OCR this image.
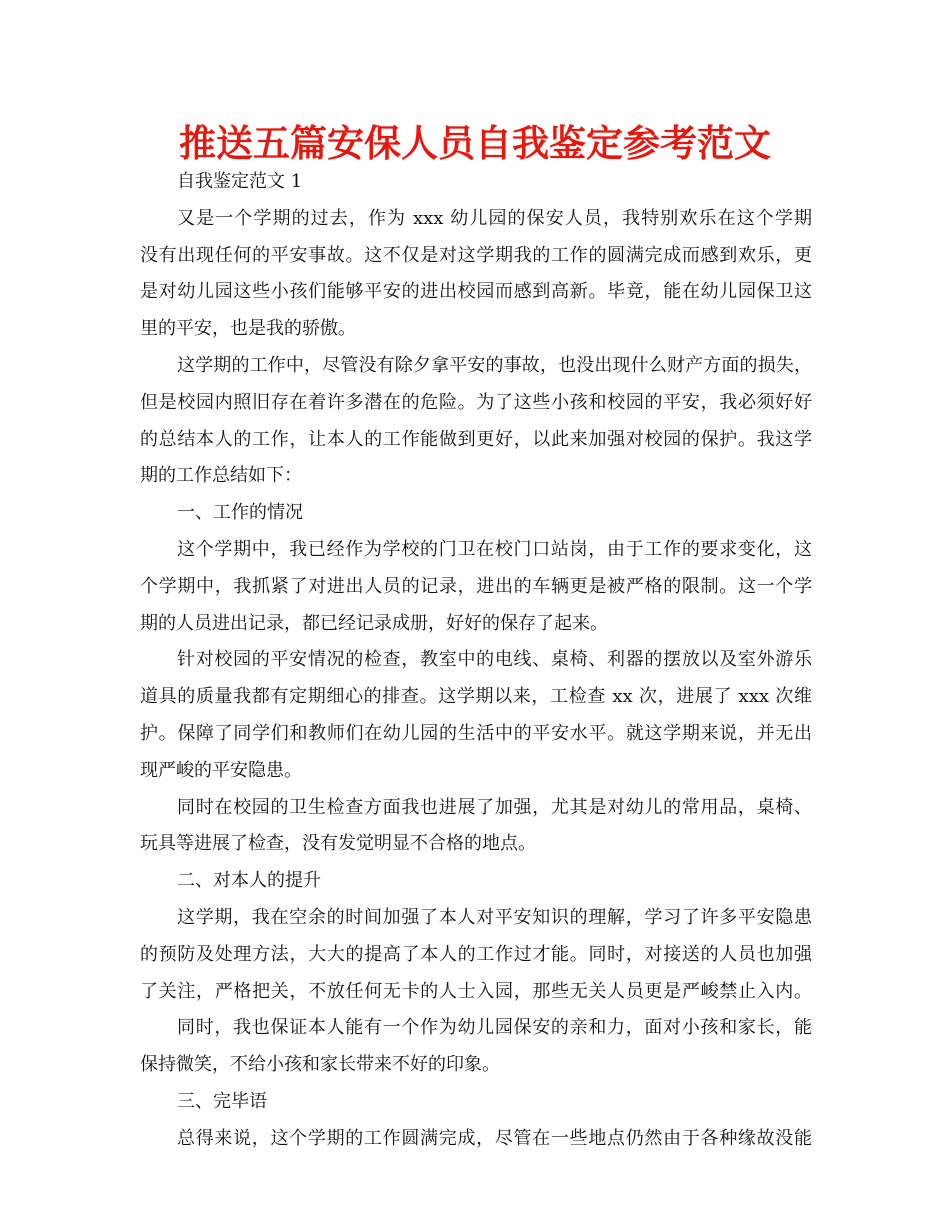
推送五篇安保人员自我鉴定参考范文
自我鉴定范文 1
又是一个学期的过去，作为 xxx 幼儿园的保安人员，我特别欢乐在这个学期
没有出现任何的平安事故。这不仅是对这学期我的工作的圆满完成而感到欢乐，更
是对幼儿园这些小孩们能够平安的进出校园而感到高新。毕竟，能在幼儿园保卫这
里的平安，也是我的骄傲。
这学期的工作中，尽管没有除夕拿平安的事故，也没出现什么财产方面的损失，
但是校园内照旧存在着许多潜在的危险。为了这些小孩和校园的平安，我必须好好
的总结本人的工作，让本人的工作能做到更好，以此来加强对校园的保护。我这学
期的工作总结如下：
一、工作的情况
这个学期中，我已经作为学校的门卫在校门口站岗，由于工作的要求变化，这
个学期中，我抓紧了对进出人员的记录，进出的车辆更是被严格的限制。这一个学
期的人员进出记录，都已经记录成册，好好的保存了起来。
针对校园的平安情况的检查，教室中的电线、桌椅、利器的摆放以及室外游乐
道具的质量我都有定期细心的排查。这学期以来，工检查 xx 次，进展了 xxx 次维
护。保障了同学们和教师们在幼儿园的生活中的平安水平。就这学期来说，并无出
现严峻的平安隐患。
同时在校园的卫生检查方面我也进展了加强，尤其是对幼儿的常用品，桌椅、
玩具等进展了检查，没有发觉明显不合格的地点。
二、对本人的提升
这学期，我在空余的时间加强了本人对平安知识的理解，学习了许多平安隐患
的预防及处理方法，大大的提高了本人的工作过才能。同时，对接送的人员也加强
了关注，严格把关，不放任何无卡的人士入园，那些无关人员更是严峻禁止入内。
同时，我也保证本人能有一个作为幼儿园保安的亲和力，面对小孩和家长，能
保持微笑，不给小孩和家长带来不好的印象。
三、完毕语
总得来说，这个学期的工作圆满完成，尽管在一些地点仍然由于各种缘故没能
